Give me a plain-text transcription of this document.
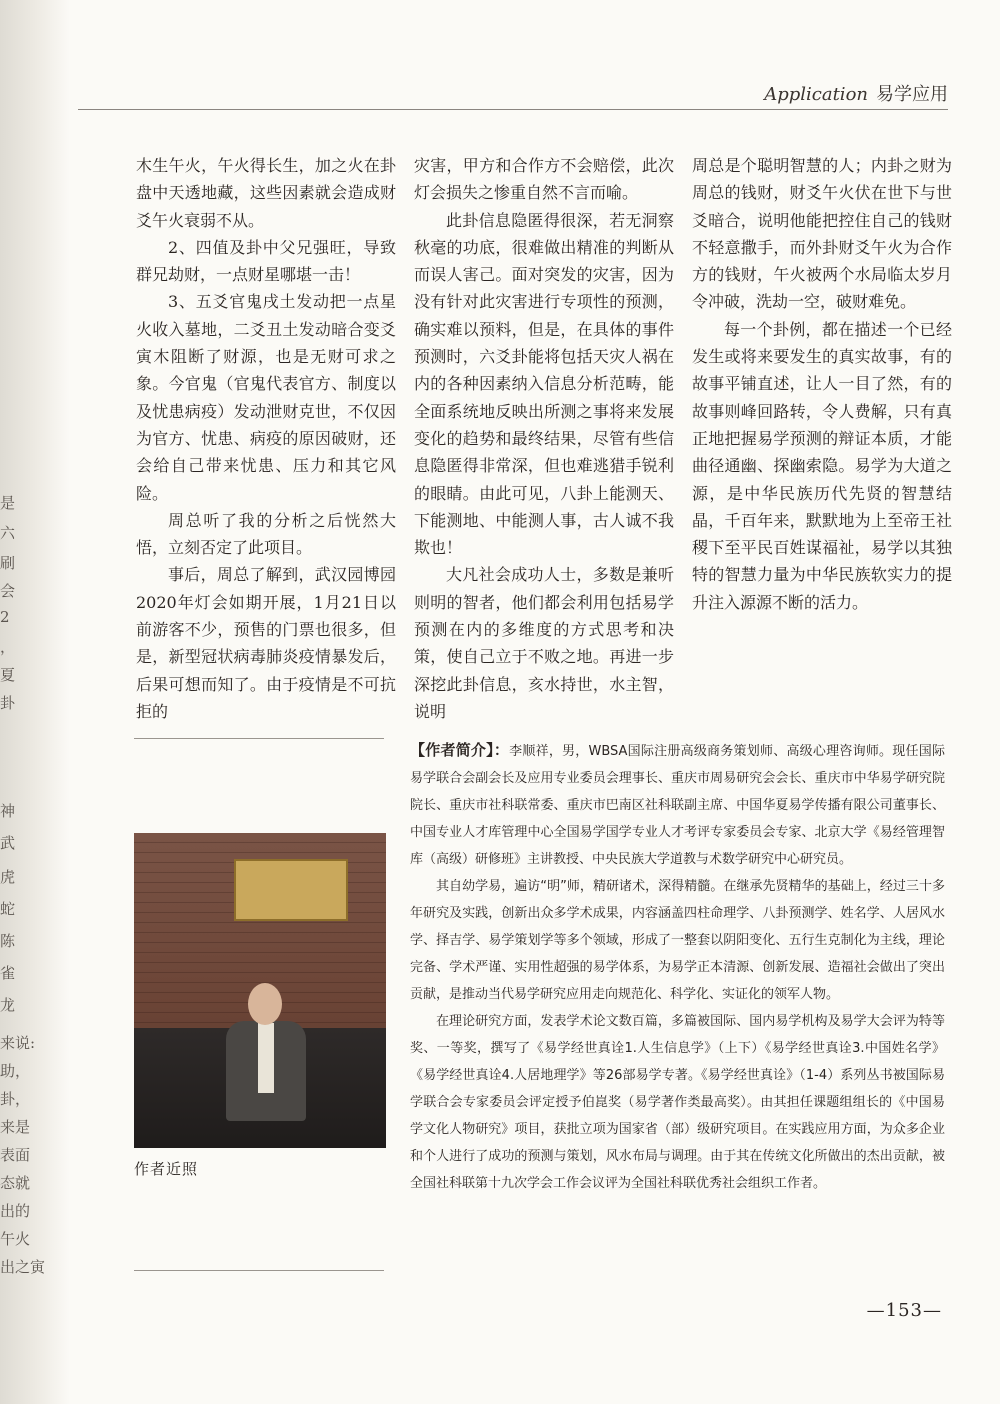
是
六
刷
会
2
，
夏
卦
神
武
虎
蛇
陈
雀
龙
来说:
助，
卦，
来是
表面
态就
出的
午火
出之寅
Application 易学应用

木生午火，午火得长生，加之火在卦盘中天透地藏，这些因素就会造成财爻午火衰弱不从。

2、四值及卦中父兄强旺，导致群兄劫财，一点财星哪堪一击！

3、五爻官鬼戌土发动把一点星火收入墓地，二爻丑土发动暗合变爻寅木阻断了财源，也是无财可求之象。今官鬼（官鬼代表官方、制度以及忧患病疫）发动泄财克世，不仅因为官方、忧患、病疫的原因破财，还会给自己带来忧患、压力和其它风险。

周总听了我的分析之后恍然大悟，立刻否定了此项目。

事后，周总了解到，武汉园博园2020年灯会如期开展，1月21日以前游客不少，预售的门票也很多，但是，新型冠状病毒肺炎疫情暴发后，后果可想而知了。由于疫情是不可抗拒的

灾害，甲方和合作方不会赔偿，此次灯会损失之惨重自然不言而喻。

此卦信息隐匿得很深，若无洞察秋毫的功底，很难做出精准的判断从而误人害己。面对突发的灾害，因为没有针对此灾害进行专项性的预测，确实难以预料，但是，在具体的事件预测时，六爻卦能将包括天灾人祸在内的各种因素纳入信息分析范畴，能全面系统地反映出所测之事将来发展变化的趋势和最终结果，尽管有些信息隐匿得非常深，但也难逃猎手锐利的眼睛。由此可见，八卦上能测天、下能测地、中能测人事，古人诚不我欺也！

大凡社会成功人士，多数是兼听则明的智者，他们都会利用包括易学预测在内的多维度的方式思考和决策，使自己立于不败之地。再进一步深挖此卦信息，亥水持世，水主智，说明

周总是个聪明智慧的人；内卦之财为周总的钱财，财爻午火伏在世下与世爻暗合，说明他能把控住自己的钱财不轻意撒手，而外卦财爻午火为合作方的钱财，午火被两个水局临太岁月令冲破，洗劫一空，破财难免。

每一个卦例，都在描述一个已经发生或将来要发生的真实故事，有的故事平铺直述，让人一目了然，有的故事则峰回路转，令人费解，只有真正地把握易学预测的辩证本质，才能曲径通幽、探幽索隐。易学为大道之源，是中华民族历代先贤的智慧结晶，千百年来，默默地为上至帝王社稷下至平民百姓谋福祉，易学以其独特的智慧力量为中华民族软实力的提升注入源源不断的活力。

作者近照

【作者简介】：李顺祥，男，WBSA国际注册高级商务策划师、高级心理咨询师。现任国际易学联合会副会长及应用专业委员会理事长、重庆市周易研究会会长、重庆市中华易学研究院院长、重庆市社科联常委、重庆市巴南区社科联副主席、中国华夏易学传播有限公司董事长、中国专业人才库管理中心全国易学国学专业人才考评专家委员会专家、北京大学《易经管理智库（高级）研修班》主讲教授、中央民族大学道教与术数学研究中心研究员。

其自幼学易，遍访“明”师，精研诸术，深得精髓。在继承先贤精华的基础上，经过三十多年研究及实践，创新出众多学术成果，内容涵盖四柱命理学、八卦预测学、姓名学、人居风水学、择吉学、易学策划学等多个领域，形成了一整套以阴阳变化、五行生克制化为主线，理论完备、学术严谨、实用性超强的易学体系，为易学正本清源、创新发展、造福社会做出了突出贡献，是推动当代易学研究应用走向规范化、科学化、实证化的领军人物。

在理论研究方面，发表学术论文数百篇，多篇被国际、国内易学机构及易学大会评为特等奖、一等奖，撰写了《易学经世真诠1.人生信息学》（上下）《易学经世真诠3.中国姓名学》《易学经世真诠4.人居地理学》等26部易学专著。《易学经世真诠》（1-4）系列丛书被国际易学联合会专家委员会评定授予伯崑奖（易学著作类最高奖）。由其担任课题组组长的《中国易学文化人物研究》项目，获批立项为国家省（部）级研究项目。在实践应用方面，为众多企业和个人进行了成功的预测与策划，风水布局与调理。由于其在传统文化所做出的杰出贡献，被全国社科联第十九次学会工作会议评为全国社科联优秀社会组织工作者。

—153—
